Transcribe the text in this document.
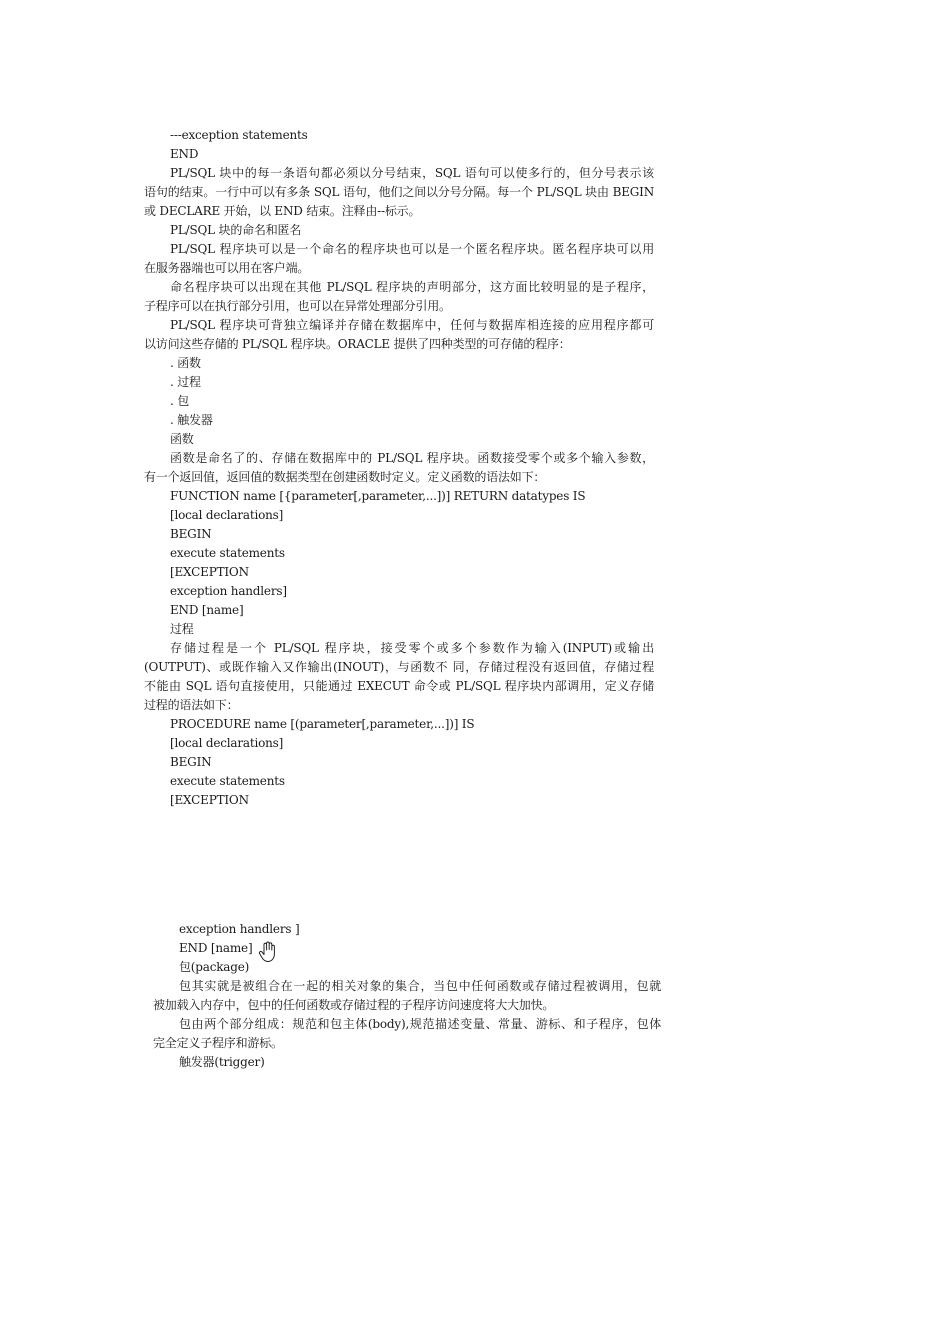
---exception statements
END
PL/SQL 块中的每一条语句都必须以分号结束，SQL 语句可以使多行的，但分号表示该
语句的结束。一行中可以有多条 SQL 语句，他们之间以分号分隔。每一个 PL/SQL 块由 BEGIN
或 DECLARE 开始，以 END 结束。注释由--标示。
PL/SQL 块的命名和匿名
PL/SQL 程序块可以是一个命名的程序块也可以是一个匿名程序块。匿名程序块可以用
在服务器端也可以用在客户端。
命名程序块可以出现在其他 PL/SQL 程序块的声明部分，这方面比较明显的是子程序，
子程序可以在执行部分引用，也可以在异常处理部分引用。
PL/SQL 程序块可背独立编译并存储在数据库中，任何与数据库相连接的应用程序都可
以访问这些存储的 PL/SQL 程序块。ORACLE 提供了四种类型的可存储的程序：
. 函数
. 过程
. 包
. 触发器
函数
函数是命名了的、存储在数据库中的 PL/SQL 程序块。函数接受零个或多个输入参数，
有一个返回值，返回值的数据类型在创建函数时定义。定义函数的语法如下：
FUNCTION name [{parameter[,parameter,...])] RETURN datatypes IS
[local declarations]
BEGIN
execute statements
[EXCEPTION
exception handlers]
END [name]
过程
存储过程是一个 PL/SQL 程序块，接受零个或多个参数作为输入(INPUT)或输出
(OUTPUT)、或既作输入又作输出(INOUT)，与函数不 同，存储过程没有返回值，存储过程
不能由 SQL 语句直接使用，只能通过 EXECUT 命令或 PL/SQL 程序块内部调用，定义存储
过程的语法如下：
PROCEDURE name [(parameter[,parameter,...])] IS
[local declarations]
BEGIN
execute statements
[EXCEPTION
exception handlers ]
END [name]
包(package)
包其实就是被组合在一起的相关对象的集合，当包中任何函数或存储过程被调用，包就
被加载入内存中，包中的任何函数或存储过程的子程序访问速度将大大加快。
包由两个部分组成：规范和包主体(body),规范描述变量、常量、游标、和子程序，包体
完全定义子程序和游标。
触发器(trigger)
